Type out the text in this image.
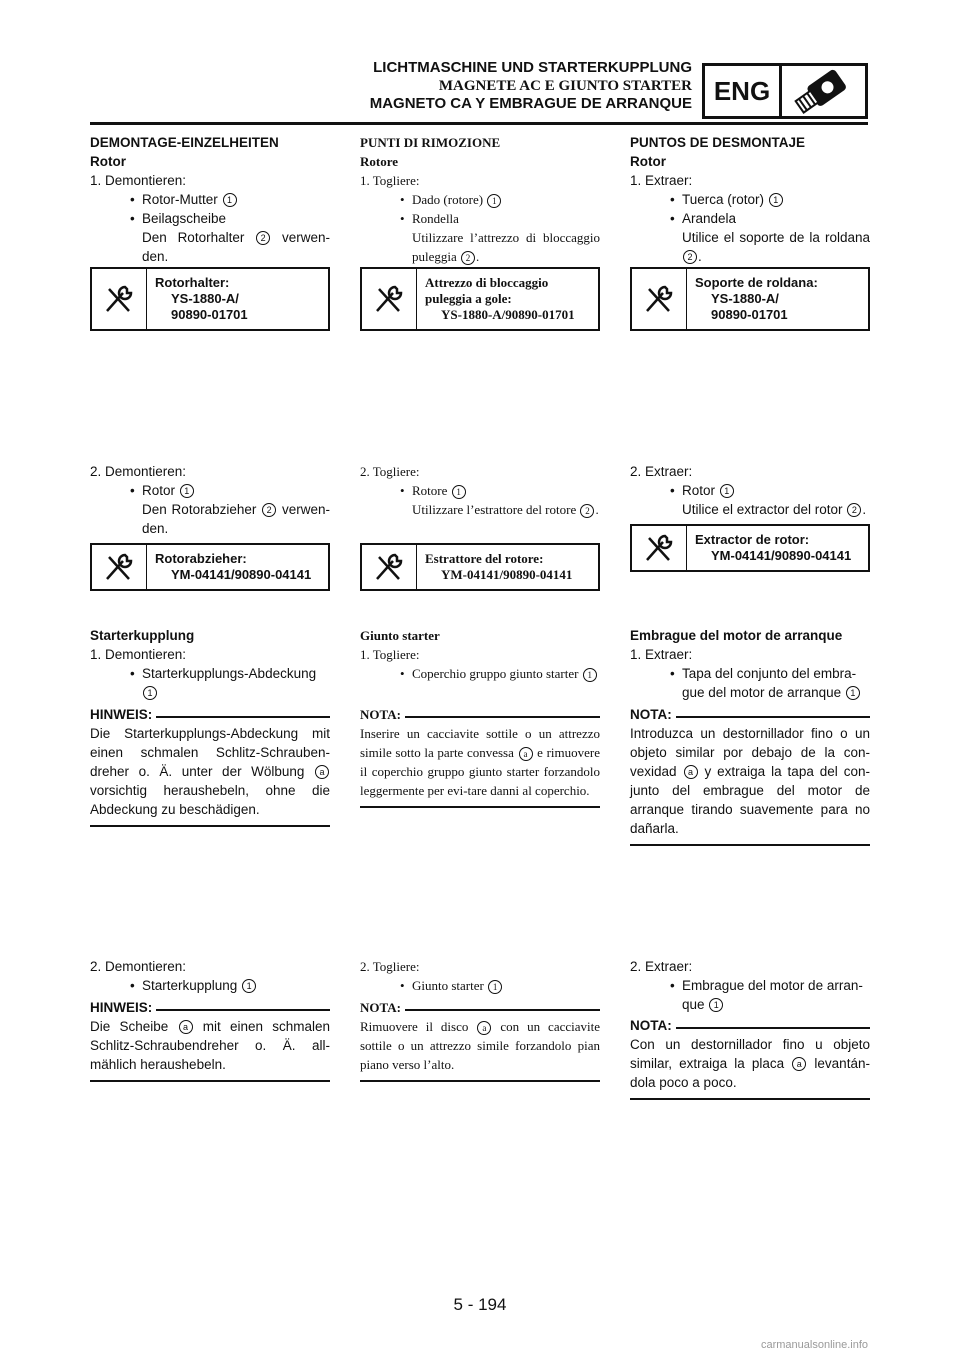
LICHTMASCHINE UND STARTERKUPPLUNG
MAGNETE AC E GIUNTO STARTER
MAGNETO CA Y EMBRAGUE DE ARRANQUE ENG

DEMONTAGE-EINZELHEITEN

Rotor

1. Demontieren:

• Rotor-Mutter 1

• Beilagscheibe

Den Rotorhalter 2 verwen-den.

Rotorhalter:
YS-1880-A/
90890-01701

2. Demontieren:

• Rotor 1

Den Rotorabzieher 2 verwen-den.

Rotorabzieher:
YM-04141/90890-04141

Starterkupplung

1. Demontieren:

• Starterkupplungs-Abdeckung 1

HINWEIS:
Die Starterkupplungs-Abdeckung mit einen schmalen Schlitz-Schrauben-dreher o. Ä. unter der Wölbung a vorsichtig heraushebeln, ohne die Abdeckung zu beschädigen.

2. Demontieren:

• Starterkupplung 1

HINWEIS:
Die Scheibe a mit einen schmalen Schlitz-Schraubendreher o. Ä. all-mählich heraushebeln.

PUNTI DI RIMOZIONE

Rotore

1. Togliere:

• Dado (rotore) 1

• Rondella

Utilizzare l’attrezzo di bloccaggio puleggia 2 .

Attrezzo di bloccaggio
puleggia a gole:
YS-1880-A/90890-01701

2. Togliere:

• Rotore 1

Utilizzare l’estrattore del rotore 2 .

Estrattore del rotore:
YM-04141/90890-04141

Giunto starter

1. Togliere:

• Coperchio gruppo giunto starter 1

NOTA:
Inserire un cacciavite sottile o un attrezzo simile sotto la parte convessa a e rimuovere il coperchio gruppo giunto starter forzandolo leggermente per evi-tare danni al coperchio.

2. Togliere:

• Giunto starter 1

NOTA:
Rimuovere il disco a con un cacciavite sottile o un attrezzo simile forzandolo pian piano verso l’alto.

PUNTOS DE DESMONTAJE

Rotor

1. Extraer:

• Tuerca (rotor) 1

• Arandela

Utilice el soporte de la roldana 2 .

Soporte de roldana:
YS-1880-A/
90890-01701

2. Extraer:

• Rotor 1

Utilice el extractor del rotor 2 .

Extractor de rotor:
YM-04141/90890-04141

Embrague del motor de arranque

1. Extraer:

• Tapa del conjunto del embra-gue del motor de arranque 1

NOTA:
Introduzca un destornillador fino o un objeto similar por debajo de la con-vexidad a y extraiga la tapa del con-junto del embrague del motor de arranque tirando suavemente para no dañarla.

2. Extraer:

• Embrague del motor de arran-que 1

NOTA:
Con un destornillador fino u objeto similar, extraiga la placa a levantán-dola poco a poco.
5 - 194
carmanualsonline.info
